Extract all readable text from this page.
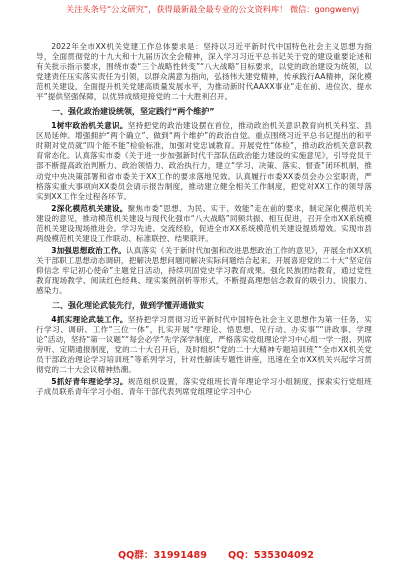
关注头条号“公文研究”，获得最新最全最专业的公文资料库！ 微信：gongwenyj

2022年全市XX机关党建工作总体要求是：坚持以习近平新时代中国特色社会主义思想为指导，全面贯彻党的十九大和十九届历次全会精神，深入学习习近平总书记关于党的建设重要论述和有关批示指示要求，围绕市委“三个战略性转变”“八大战略”目标要求，以党的政治建设为统领，以党建责任压实落实责任为引领，以群众满意为指向，弘扬伟大建党精神，传承践行AA精神，深化模范机关建设，全面提升机关党建高质量发展水平，为推动新时代AAXX事业“走在前、进位次、提水平”提供坚强保障，以优异成绩迎接党的二十大胜利召开。

一、强化政治建设统领，坚定践行“两个维护”

1树牢政治机关意识。坚持把党的政治建设摆在首位，推动政治机关意识教育向机关科室、县区局延伸。增强拥护“两个确立”、做到“两个维护”的政治自觉。重点围绕习近平总书记提出的和平时期对党员就“四个能不能”检验标准，加强对党忠诚教育。开展党性“体检”，推动政治机关意识教育常态化。认真落实市委《关于进一步加强新时代干部队伍政治能力建设的实施意见》，引导党员干部不断提高政治判断力、政治领悟力、政治执行力，建立“学习、决策、落实、督查”闭环机制，推动党中央决策部署和省市委关于XX工作的要求落地见效。认真履行市委XX委员会办公室职责，严格落实重大事项向XX委员会请示报告制度，推动建立健全相关工作制度，把党对XX工作的领导落实到XX工作全过程各环节。

2深化模范机关建设。聚焦市委“思想、为民、实干、效能”走在前的要求，制定深化模范机关建设的意见，推动模范机关建设与现代化强市“八大战略”同频共振、相互促进，召开全市XX系统模范机关建设现场推进会。学习先进、交流经验，促进全市XX系统模范机关建设提质增效。实现市县两级模范机关建设工作联动、标准联控、结果联评。

3加强思想政治工作。认真落实《关于新时代加强和改进思想政治工作的意见》，开展全市XX机关干部职工思想动态调研，把解决思想问题同解决实际问题结合起来。开展喜迎党的二十大“坚定信仰信念 牢记初心使命”主题党日活动，持续巩固党史学习教育成果。强化民族团结教育，通过党性教育现场教学、阅读红色经典、现实案例剖析等形式，不断提高理想信念教育的吸引力、说服力、感染力。

二、强化理论武装先行，做到学懂弄通做实

4抓实理论武装工作。坚持把学习贯彻习近平新时代中国特色社会主义思想作为第一任务，实行学习、调研、工作“三位一体”，扎实开展“学理论、悟思想、见行动、办实事”“讲政事、学理论”活动，坚持“第一议题”“每会必学”先学深学制度，严格落实党组理论学习中心组一学一报、列席旁听、定期通报制度，党的二十大召开后，及时组织“党的二十大精神专题培训班”“全市XX机关党员干部政治理论学习培训班”等系列学习，针对性解读专题性讲座，迅速在全市XX机关兴起学习贯彻党的二十大会议精神热潮。

5抓好青年理论学习。规范组织设置，落实党组班长青年理论学习小组制度，探索实行党组班子成员联系青年学习小组、青年干部代表列席党组理论学习中心

QQ群：31991489 QQ：535304092
